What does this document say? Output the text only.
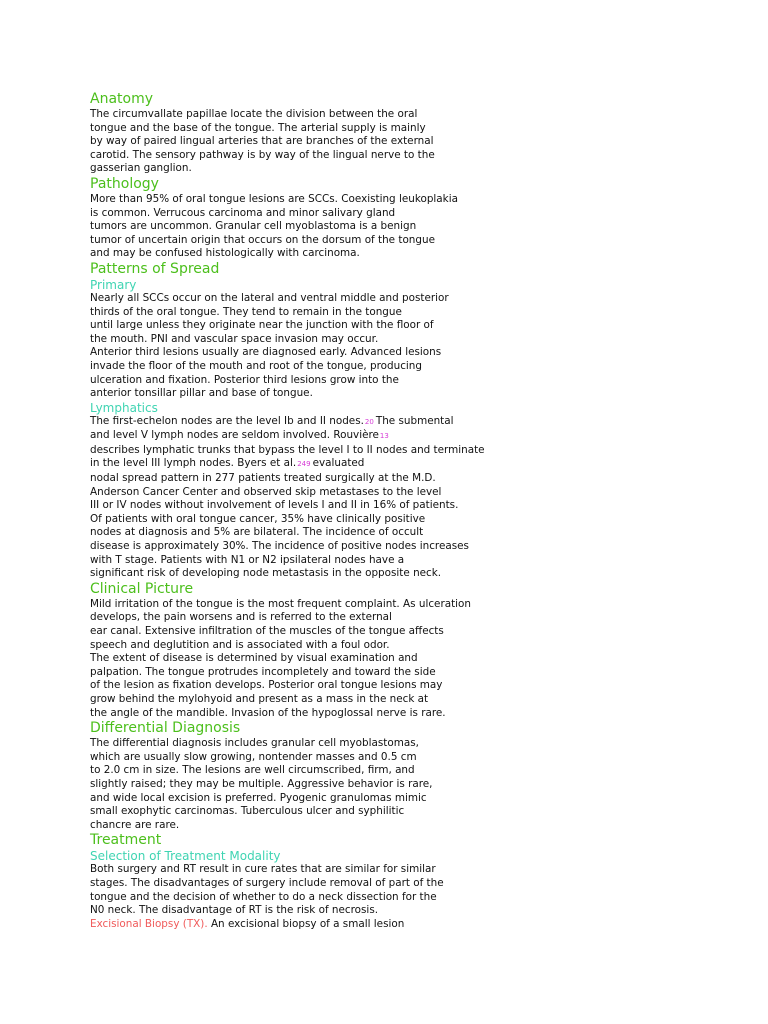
Anatomy
The circumvallate papillae locate the division between the oral
tongue and the base of the tongue. The arterial supply is mainly
by way of paired lingual arteries that are branches of the external
carotid. The sensory pathway is by way of the lingual nerve to the
gasserian ganglion.
Pathology
More than 95% of oral tongue lesions are SCCs. Coexisting leukoplakia
is common. Verrucous carcinoma and minor salivary gland
tumors are uncommon. Granular cell myoblastoma is a benign
tumor of uncertain origin that occurs on the dorsum of the tongue
and may be confused histologically with carcinoma.
Patterns of Spread
Primary
Nearly all SCCs occur on the lateral and ventral middle and posterior
thirds of the oral tongue. They tend to remain in the tongue
until large unless they originate near the junction with the floor of
the mouth. PNI and vascular space invasion may occur.
Anterior third lesions usually are diagnosed early. Advanced lesions
invade the floor of the mouth and root of the tongue, producing
ulceration and fixation. Posterior third lesions grow into the
anterior tonsillar pillar and base of tongue.
Lymphatics
The first-echelon nodes are the level Ib and II nodes.20 The submental
and level V lymph nodes are seldom involved. Rouvière13
describes lymphatic trunks that bypass the level I to II nodes and terminate
in the level III lymph nodes. Byers et al.249 evaluated
nodal spread pattern in 277 patients treated surgically at the M.D.
Anderson Cancer Center and observed skip metastases to the level
III or IV nodes without involvement of levels I and II in 16% of patients.
Of patients with oral tongue cancer, 35% have clinically positive
nodes at diagnosis and 5% are bilateral. The incidence of occult
disease is approximately 30%. The incidence of positive nodes increases
with T stage. Patients with N1 or N2 ipsilateral nodes have a
significant risk of developing node metastasis in the opposite neck.
Clinical Picture
Mild irritation of the tongue is the most frequent complaint. As ulceration
develops, the pain worsens and is referred to the external
ear canal. Extensive infiltration of the muscles of the tongue affects
speech and deglutition and is associated with a foul odor.
The extent of disease is determined by visual examination and
palpation. The tongue protrudes incompletely and toward the side
of the lesion as fixation develops. Posterior oral tongue lesions may
grow behind the mylohyoid and present as a mass in the neck at
the angle of the mandible. Invasion of the hypoglossal nerve is rare.
Differential Diagnosis
The differential diagnosis includes granular cell myoblastomas,
which are usually slow growing, nontender masses and 0.5 cm
to 2.0 cm in size. The lesions are well circumscribed, firm, and
slightly raised; they may be multiple. Aggressive behavior is rare,
and wide local excision is preferred. Pyogenic granulomas mimic
small exophytic carcinomas. Tuberculous ulcer and syphilitic
chancre are rare.
Treatment
Selection of Treatment Modality
Both surgery and RT result in cure rates that are similar for similar
stages. The disadvantages of surgery include removal of part of the
tongue and the decision of whether to do a neck dissection for the
N0 neck. The disadvantage of RT is the risk of necrosis.
Excisional Biopsy (TX). An excisional biopsy of a small lesion
